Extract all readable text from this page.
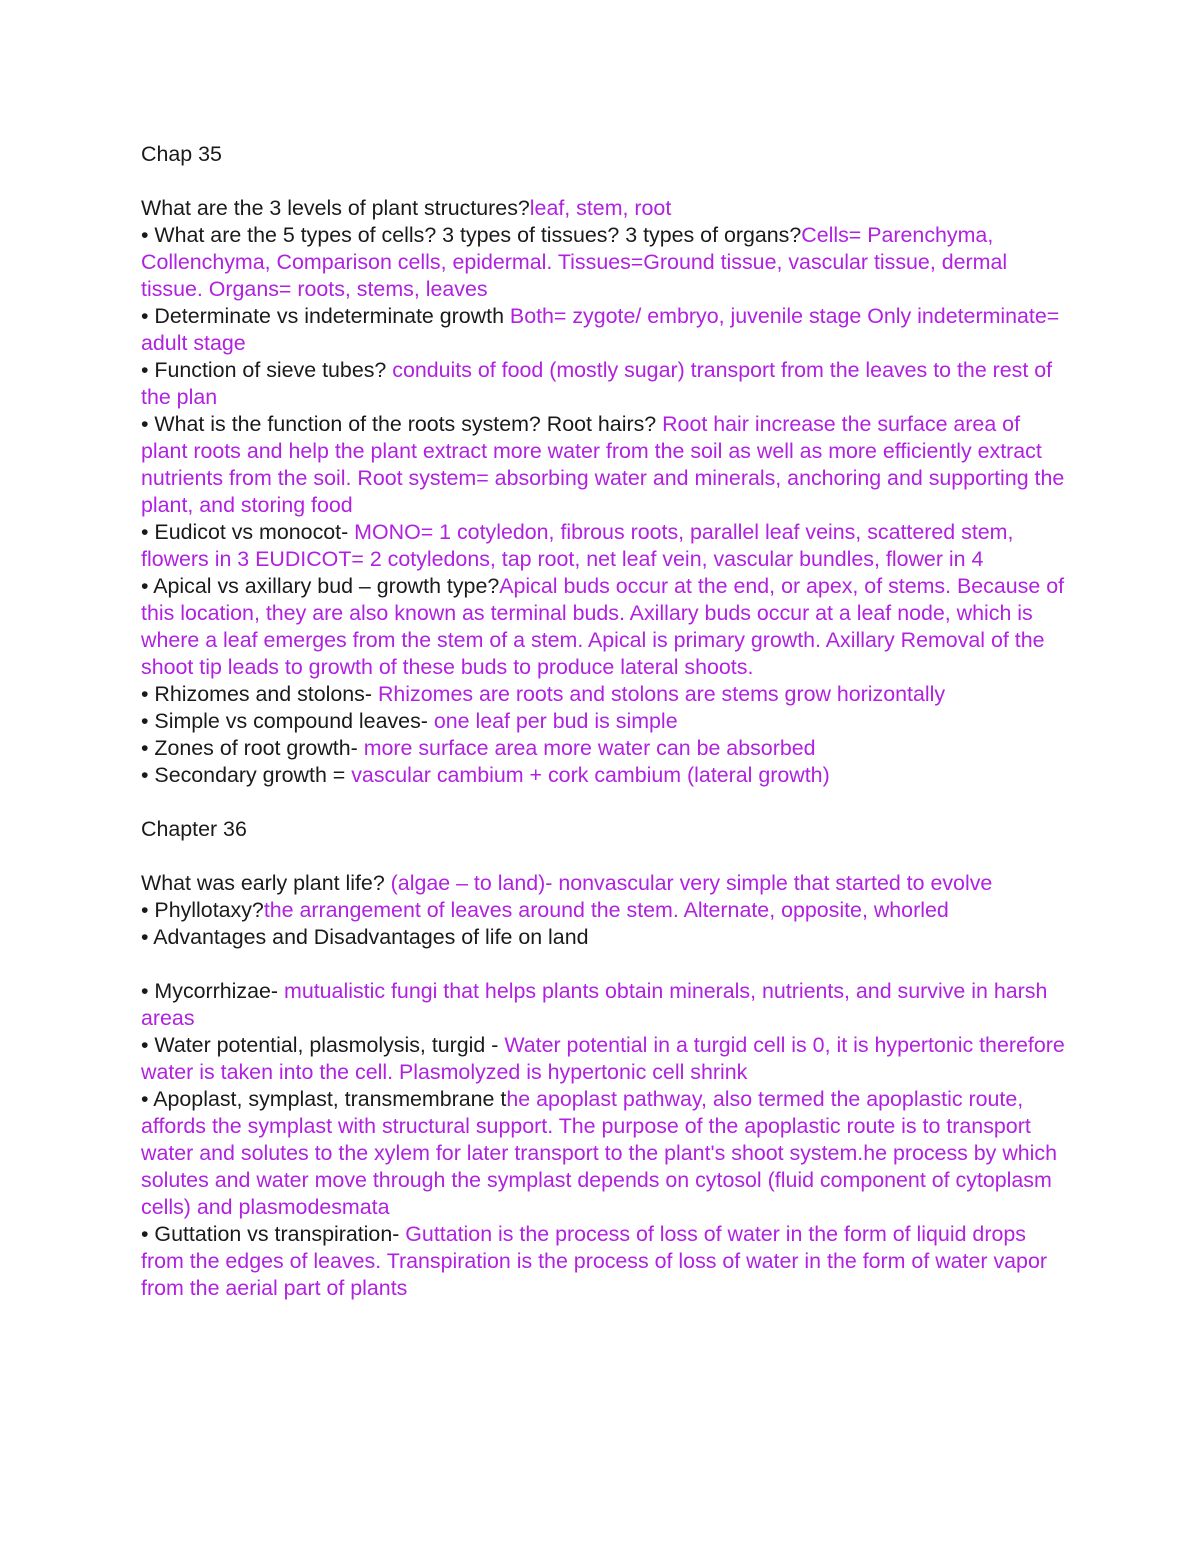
Chap 35

What are the 3 levels of plant structures?leaf, stem, root

• What are the 5 types of cells? 3 types of tissues? 3 types of organs?Cells= Parenchyma, Collenchyma, Comparison cells, epidermal. Tissues=Ground tissue, vascular tissue, dermal tissue. Organs= roots, stems, leaves

• Determinate vs indeterminate growth Both= zygote/ embryo, juvenile stage Only indeterminate= adult stage

• Function of sieve tubes? conduits of food (mostly sugar) transport from the leaves to the rest of the plan

• What is the function of the roots system? Root hairs? Root hair increase the surface area of plant roots and help the plant extract more water from the soil as well as more efficiently extract nutrients from the soil. Root system= absorbing water and minerals, anchoring and supporting the plant, and storing food

• Eudicot vs monocot- MONO= 1 cotyledon, fibrous roots, parallel leaf veins, scattered stem, flowers in 3 EUDICOT= 2 cotyledons, tap root, net leaf vein, vascular bundles, flower in 4

• Apical vs axillary bud – growth type?Apical buds occur at the end, or apex, of stems. Because of this location, they are also known as terminal buds. Axillary buds occur at a leaf node, which is where a leaf emerges from the stem of a stem. Apical is primary growth. Axillary Removal of the shoot tip leads to growth of these buds to produce lateral shoots.

• Rhizomes and stolons- Rhizomes are roots and stolons are stems grow horizontally

• Simple vs compound leaves- one leaf per bud is simple

• Zones of root growth- more surface area more water can be absorbed

• Secondary growth = vascular cambium + cork cambium (lateral growth)

Chapter 36

What was early plant life? (algae – to land)- nonvascular very simple that started to evolve

• Phyllotaxy?the arrangement of leaves around the stem. Alternate, opposite, whorled

• Advantages and Disadvantages of life on land

• Mycorrhizae- mutualistic fungi that helps plants obtain minerals, nutrients, and survive in harsh areas

• Water potential, plasmolysis, turgid - Water potential in a turgid cell is 0, it is hypertonic therefore water is taken into the cell. Plasmolyzed is hypertonic cell shrink

• Apoplast, symplast, transmembrane the apoplast pathway, also termed the apoplastic route, affords the symplast with structural support. The purpose of the apoplastic route is to transport water and solutes to the xylem for later transport to the plant's shoot system.he process by which solutes and water move through the symplast depends on cytosol (fluid component of cytoplasm cells) and plasmodesmata

• Guttation vs transpiration- Guttation is the process of loss of water in the form of liquid drops from the edges of leaves. Transpiration is the process of loss of water in the form of water vapor from the aerial part of plants
